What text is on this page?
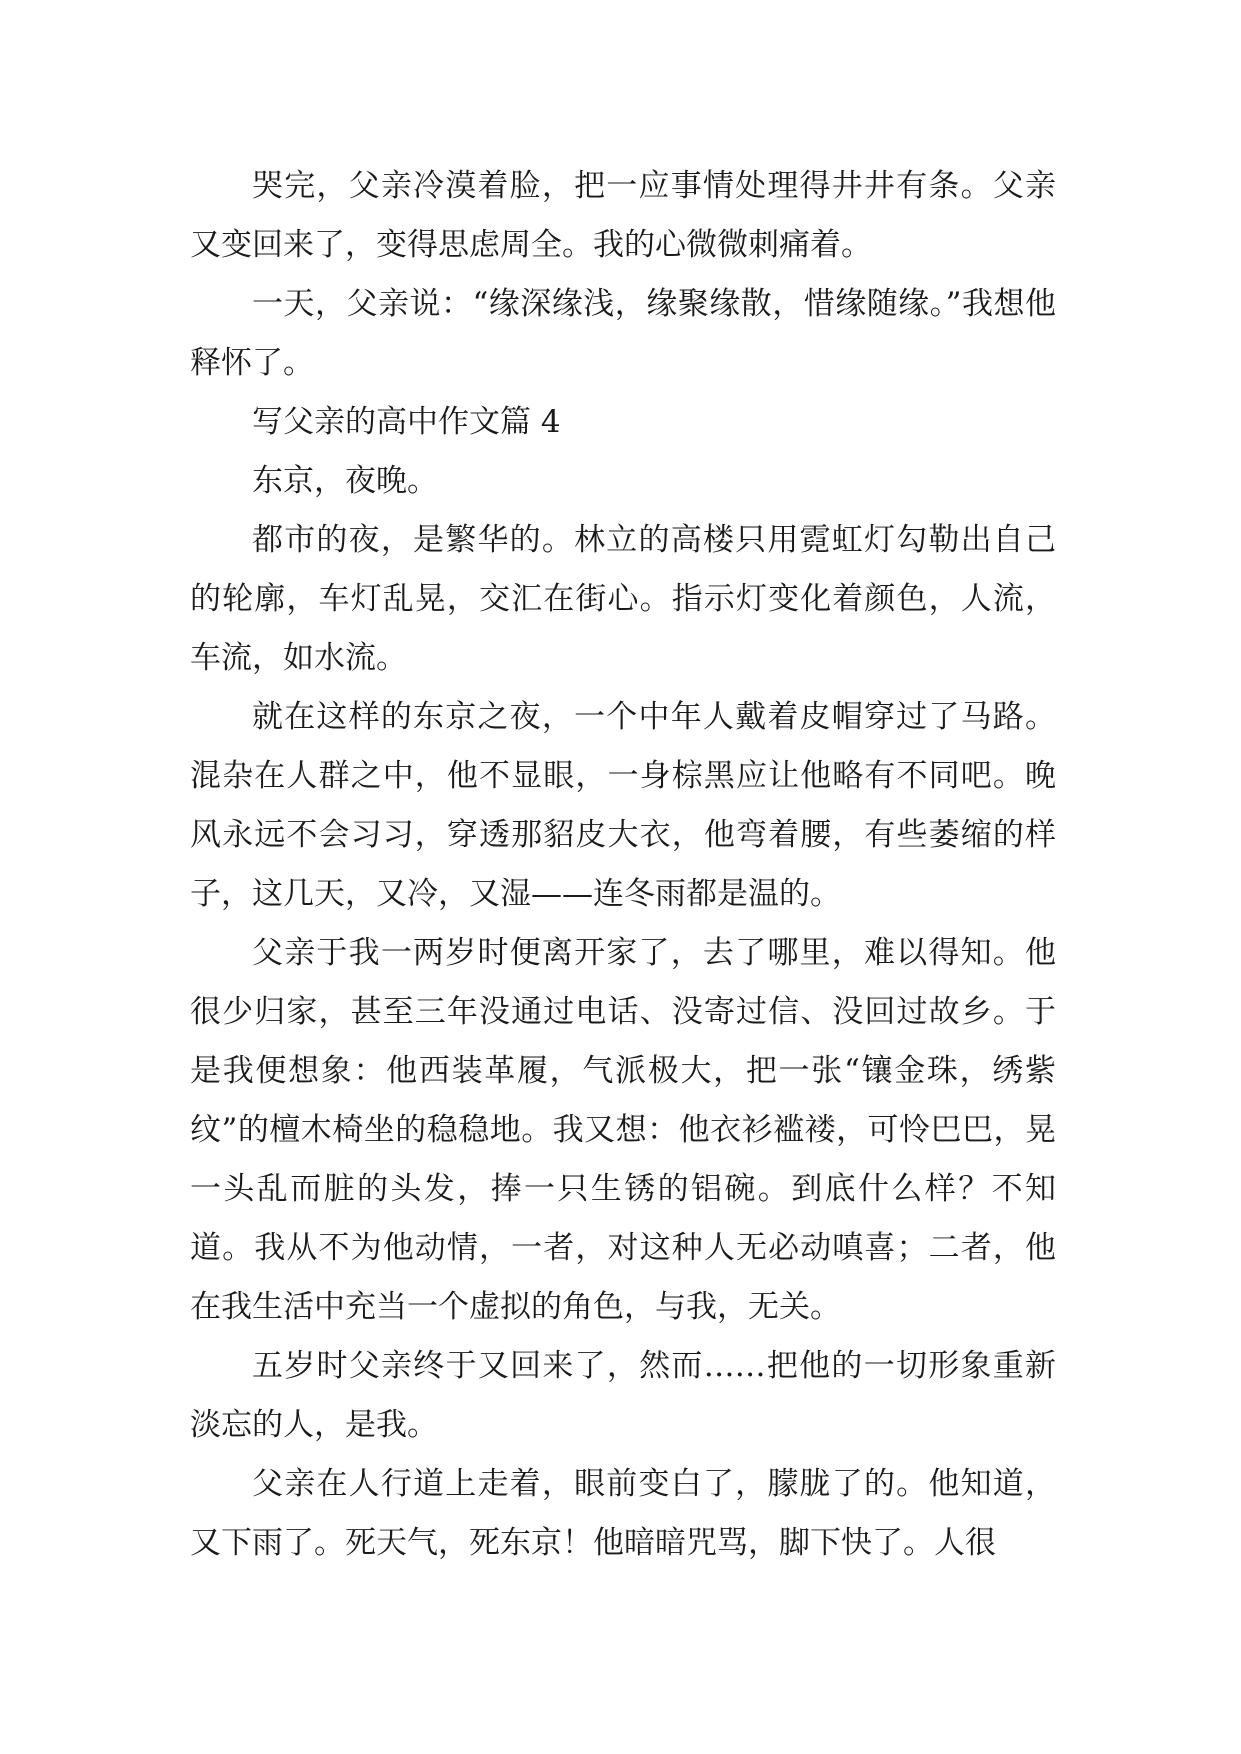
哭完，父亲冷漠着脸，把一应事情处理得井井有条。父亲又变回来了，变得思虑周全。我的心微微刺痛着。

一天，父亲说：“缘深缘浅，缘聚缘散，惜缘随缘。”我想他释怀了。

写父亲的高中作文篇 4

东京，夜晚。

都市的夜，是繁华的。林立的高楼只用霓虹灯勾勒出自己的轮廓，车灯乱晃，交汇在街心。指示灯变化着颜色，人流，车流，如水流。

就在这样的东京之夜，一个中年人戴着皮帽穿过了马路。混杂在人群之中，他不显眼，一身棕黑应让他略有不同吧。晚风永远不会习习，穿透那貂皮大衣，他弯着腰，有些萎缩的样子，这几天，又冷，又湿——连冬雨都是温的。

父亲于我一两岁时便离开家了，去了哪里，难以得知。他很少归家，甚至三年没通过电话、没寄过信、没回过故乡。于是我便想象：他西装革履，气派极大，把一张“镶金珠，绣紫纹”的檀木椅坐的稳稳地。我又想：他衣衫褴褛，可怜巴巴，晃一头乱而脏的头发，捧一只生锈的铝碗。到底什么样？不知道。我从不为他动情，一者，对这种人无必动嗔喜；二者，他在我生活中充当一个虚拟的角色，与我，无关。

五岁时父亲终于又回来了，然而……把他的一切形象重新淡忘的人，是我。

父亲在人行道上走着，眼前变白了，朦胧了的。他知道，又下雨了。死天气，死东京！他暗暗咒骂，脚下快了。人很
